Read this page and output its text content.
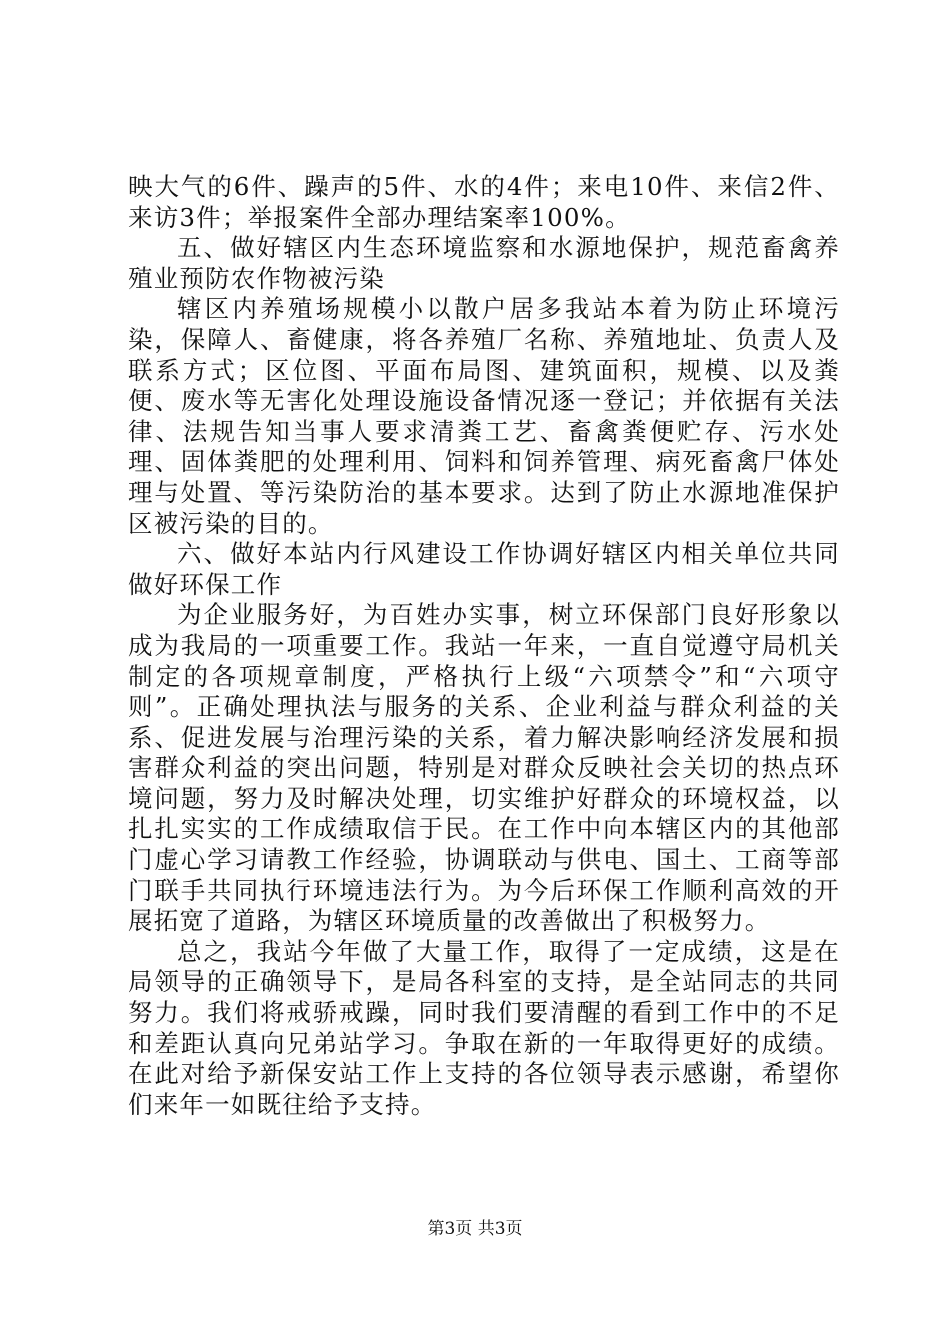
映大气的6件、躁声的5件、水的4件；来电10件、来信2件、来访3件；举报案件全部办理结案率100%。

五、做好辖区内生态环境监察和水源地保护，规范畜禽养殖业预防农作物被污染

辖区内养殖场规模小以散户居多我站本着为防止环境污染，保障人、畜健康，将各养殖厂名称、养殖地址、负责人及联系方式；区位图、平面布局图、建筑面积，规模、以及粪便、废水等无害化处理设施设备情况逐一登记；并依据有关法律、法规告知当事人要求清粪工艺、畜禽粪便贮存、污水处理、固体粪肥的处理利用、饲料和饲养管理、病死畜禽尸体处理与处置、等污染防治的基本要求。达到了防止水源地准保护区被污染的目的。

六、做好本站内行风建设工作协调好辖区内相关单位共同做好环保工作

为企业服务好，为百姓办实事，树立环保部门良好形象以成为我局的一项重要工作。我站一年来，一直自觉遵守局机关制定的各项规章制度，严格执行上级“六项禁令”和“六项守则”。正确处理执法与服务的关系、企业利益与群众利益的关系、促进发展与治理污染的关系，着力解决影响经济发展和损害群众利益的突出问题，特别是对群众反映社会关切的热点环境问题，努力及时解决处理，切实维护好群众的环境权益，以扎扎实实的工作成绩取信于民。在工作中向本辖区内的其他部门虚心学习请教工作经验，协调联动与供电、国土、工商等部门联手共同执行环境违法行为。为今后环保工作顺利高效的开展拓宽了道路，为辖区环境质量的改善做出了积极努力。

总之，我站今年做了大量工作，取得了一定成绩，这是在局领导的正确领导下，是局各科室的支持，是全站同志的共同努力。我们将戒骄戒躁，同时我们要清醒的看到工作中的不足和差距认真向兄弟站学习。争取在新的一年取得更好的成绩。在此对给予新保安站工作上支持的各位领导表示感谢，希望你们来年一如既往给予支持。

第3页 共3页
